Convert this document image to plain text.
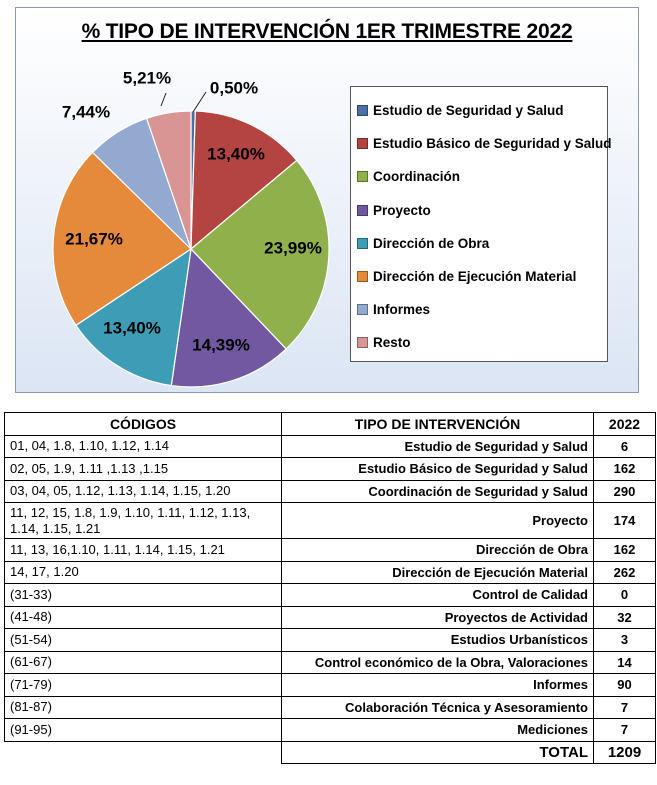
% TIPO DE INTERVENCIÓN 1ER TRIMESTRE 2022
0,50%
13,40%
23,99%
14,39%
13,40%
21,67%
7,44%
5,21%
Estudio de Seguridad y Salud
Estudio Básico de Seguridad y Salud
Coordinación
Proyecto
Dirección de Obra
Dirección de Ejecución Material
Informes
Resto
CÓDIGOS	TIPO DE INTERVENCIÓN	2022
01, 04, 1.8, 1.10, 1.12, 1.14	Estudio de Seguridad y Salud	6
02, 05, 1.9, 1.11 ,1.13 ,1.15	Estudio Básico de Seguridad y Salud	162
03, 04, 05, 1.12, 1.13, 1.14, 1.15, 1.20	Coordinación de Seguridad y Salud	290
11, 12, 15, 1.8, 1.9, 1.10, 1.11, 1.12, 1.13, 1.14, 1.15, 1.21	Proyecto	174
11, 13, 16,1.10, 1.11, 1.14, 1.15, 1.21	Dirección de Obra	162
14, 17, 1.20	Dirección de Ejecución Material	262
(31-33)	Control de Calidad	0
(41-48)	Proyectos de Actividad	32
(51-54)	Estudios Urbanísticos	3
(61-67)	Control económico de la Obra, Valoraciones	14
(71-79)	Informes	90
(81-87)	Colaboración Técnica y Asesoramiento	7
(91-95)	Mediciones	7
	TOTAL	1209
